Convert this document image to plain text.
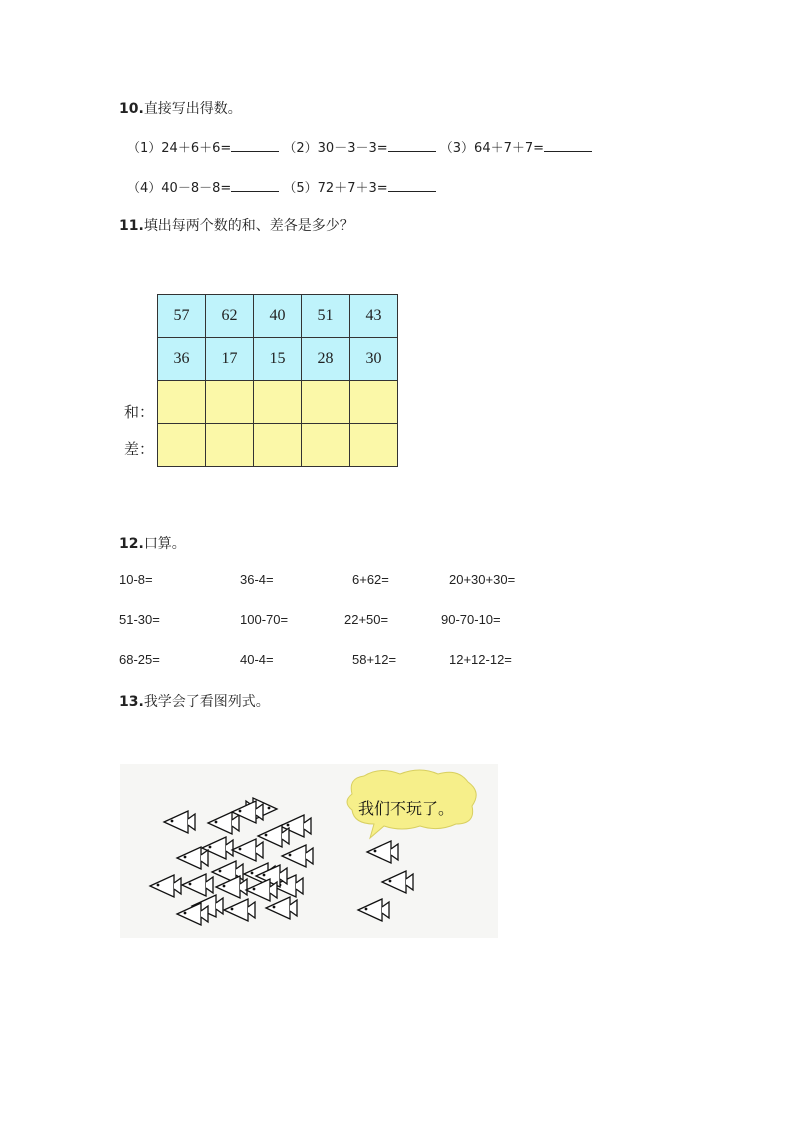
10.直接写出得数。
（1）24＋6＋6=	（2）30－3－3=	（3）64＋7＋7=
（4）40－8－8=	（5）72＋7＋3=
11.填出每两个数的和、差各是多少？
57	62	40	51	43
36	17	15	28	30

和：
差：
12.口算。
10-8=	36-4=	6+62=	20+30+30=
51-30=	100-70=	22+50=	90-70-10=
68-25=	40-4=	58+12=	12+12-12=
13.我学会了看图列式。
我们不玩了。
